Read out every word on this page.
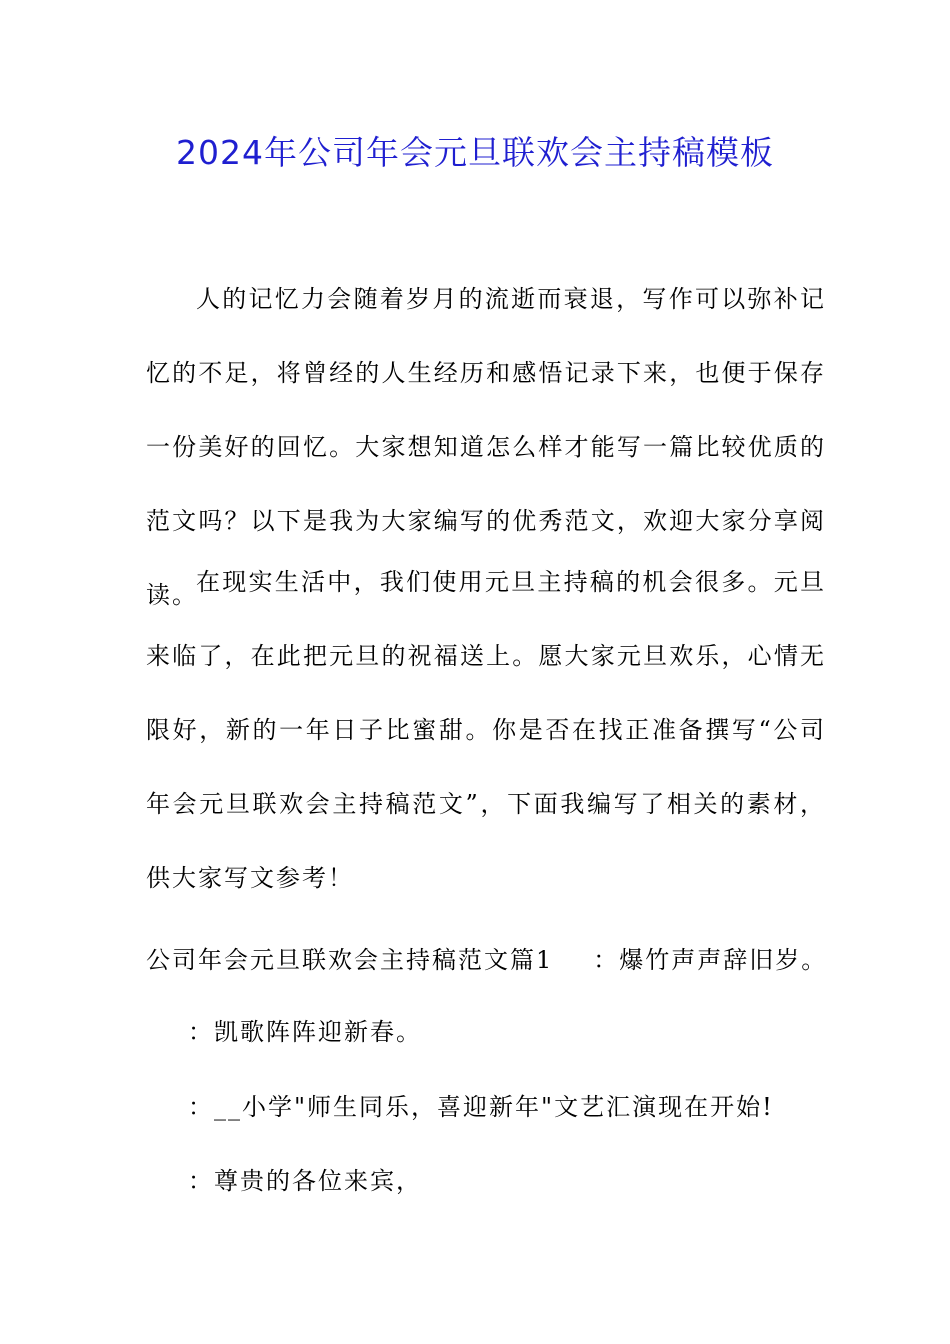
2024年公司年会元旦联欢会主持稿模板
人的记忆力会随着岁月的流逝而衰退，写作可以弥补记忆的不足，将曾经的人生经历和感悟记录下来，也便于保存一份美好的回忆。大家想知道怎么样才能写一篇比较优质的范文吗？以下是我为大家编写的优秀范文，欢迎大家分享阅读。
在现实生活中，我们使用元旦主持稿的机会很多。元旦来临了，在此把元旦的祝福送上。愿大家元旦欢乐，心情无限好，新的一年日子比蜜甜。你是否在找正准备撰写“公司年会元旦联欢会主持稿范文”，下面我编写了相关的素材，供大家写文参考！
公司年会元旦联欢会主持稿范文篇1 ：爆竹声声辞旧岁。
：凯歌阵阵迎新春。
：__小学"师生同乐，喜迎新年"文艺汇演现在开始!
：尊贵的各位来宾，
